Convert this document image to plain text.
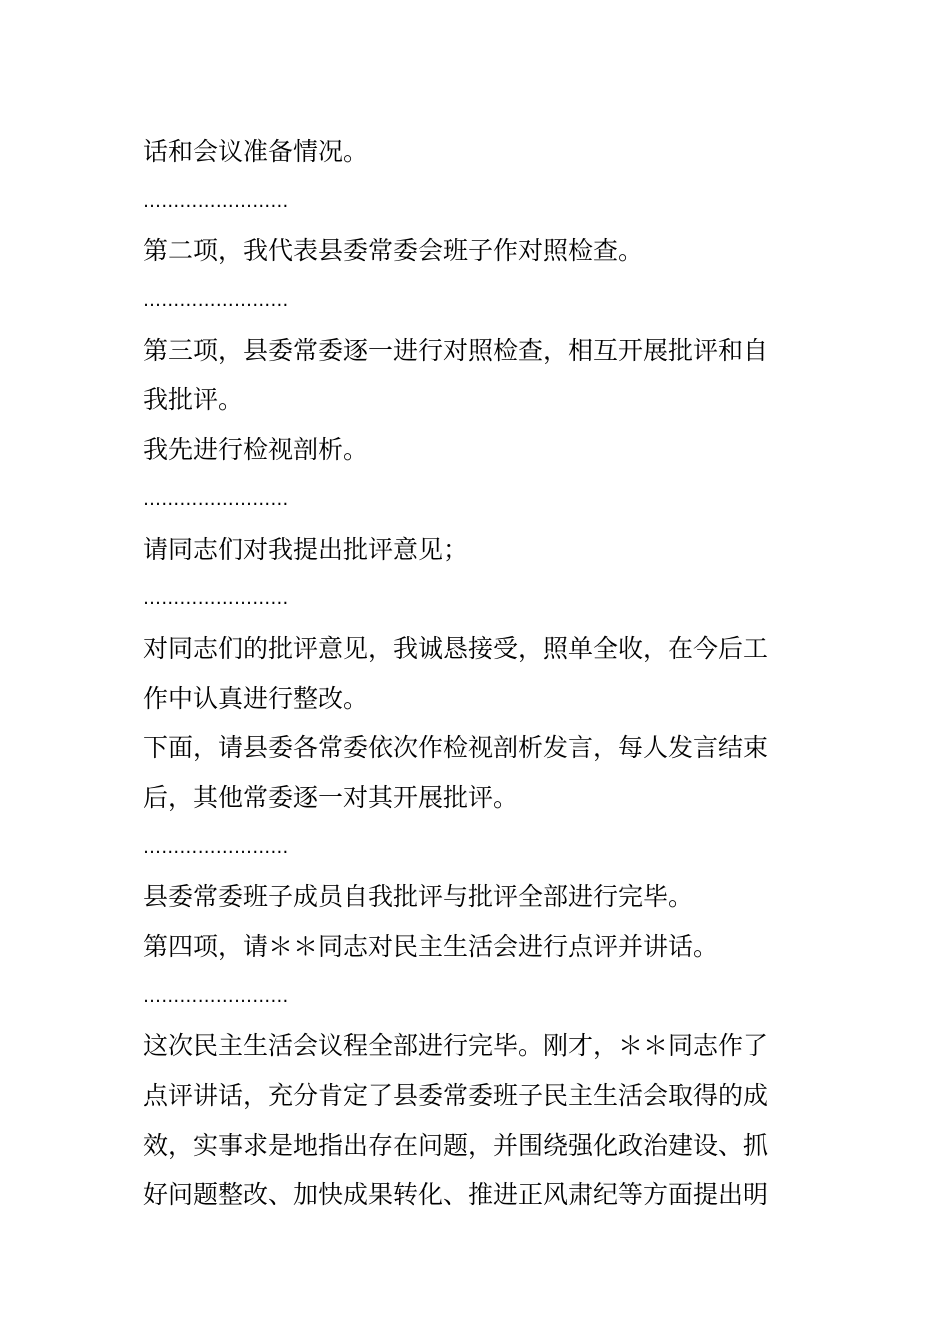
话和会议准备情况。
……………………
第二项，我代表县委常委会班子作对照检查。
……………………
第三项，县委常委逐一进行对照检查，相互开展批评和自
我批评。
我先进行检视剖析。
……………………
请同志们对我提出批评意见；
……………………
对同志们的批评意见，我诚恳接受，照单全收，在今后工
作中认真进行整改。
下面，请县委各常委依次作检视剖析发言，每人发言结束
后，其他常委逐一对其开展批评。
……………………
县委常委班子成员自我批评与批评全部进行完毕。
第四项，请＊＊同志对民主生活会进行点评并讲话。
……………………
这次民主生活会议程全部进行完毕。刚才，＊＊同志作了
点评讲话，充分肯定了县委常委班子民主生活会取得的成
效，实事求是地指出存在问题，并围绕强化政治建设、抓
好问题整改、加快成果转化、推进正风肃纪等方面提出明
